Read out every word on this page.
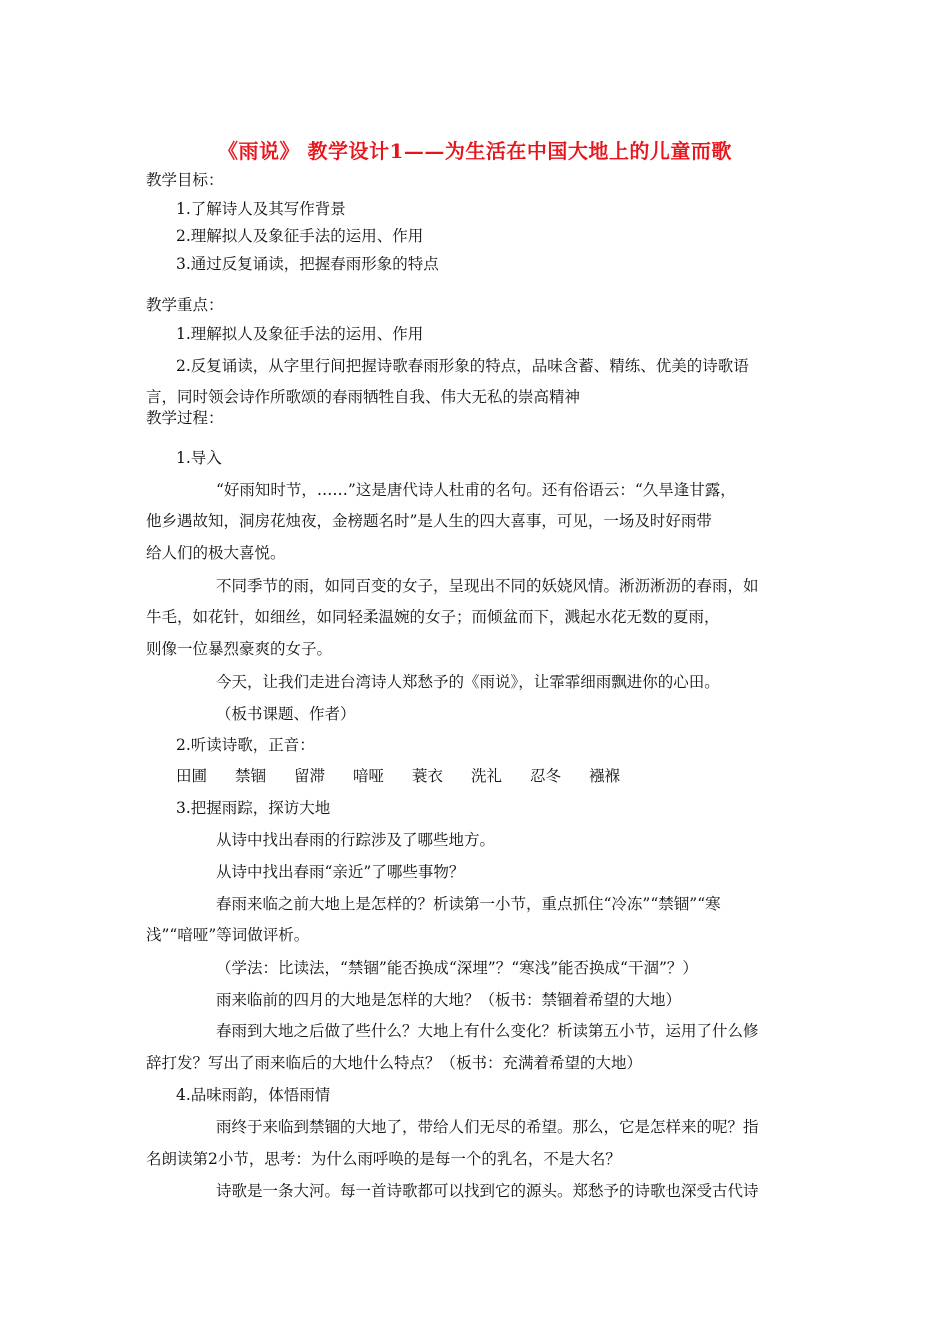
《雨说》 教学设计1——为生活在中国大地上的儿童而歌
教学目标：
1.了解诗人及其写作背景
2.理解拟人及象征手法的运用、作用
3.通过反复诵读，把握春雨形象的特点
教学重点：
1.理解拟人及象征手法的运用、作用
2.反复诵读，从字里行间把握诗歌春雨形象的特点，品味含蓄、精练、优美的诗歌语
言，同时领会诗作所歌颂的春雨牺牲自我、伟大无私的崇高精神
教学过程：
1.导入
“好雨知时节，……”这是唐代诗人杜甫的名句。还有俗语云：“久旱逢甘露，
他乡遇故知，洞房花烛夜，金榜题名时”是人生的四大喜事，可见，一场及时好雨带
给人们的极大喜悦。
不同季节的雨，如同百变的女子，呈现出不同的妖娆风情。淅沥淅沥的春雨，如
牛毛，如花针，如细丝，如同轻柔温婉的女子；而倾盆而下，溅起水花无数的夏雨，
则像一位暴烈豪爽的女子。
今天，让我们走进台湾诗人郑愁予的《雨说》，让霏霏细雨飘进你的心田。
（板书课题、作者）
2.听读诗歌，正音：
田圃	禁锢	留滞	喑哑	蓑衣	洗礼	忍冬	襁褓
3.把握雨踪，探访大地
从诗中找出春雨的行踪涉及了哪些地方。
从诗中找出春雨“亲近”了哪些事物？
春雨来临之前大地上是怎样的？析读第一小节，重点抓住“冷冻”“禁锢”“寒
浅”“喑哑”等词做评析。
（学法：比读法，“禁锢”能否换成“深埋”？“寒浅”能否换成“干涸”？）
雨来临前的四月的大地是怎样的大地？（板书：禁锢着希望的大地）
春雨到大地之后做了些什么？大地上有什么变化？析读第五小节，运用了什么修
辞打发？写出了雨来临后的大地什么特点？（板书：充满着希望的大地）
4.品味雨韵，体悟雨情
雨终于来临到禁锢的大地了，带给人们无尽的希望。那么，它是怎样来的呢？指
名朗读第2小节，思考：为什么雨呼唤的是每一个的乳名，不是大名？
诗歌是一条大河。每一首诗歌都可以找到它的源头。郑愁予的诗歌也深受古代诗
